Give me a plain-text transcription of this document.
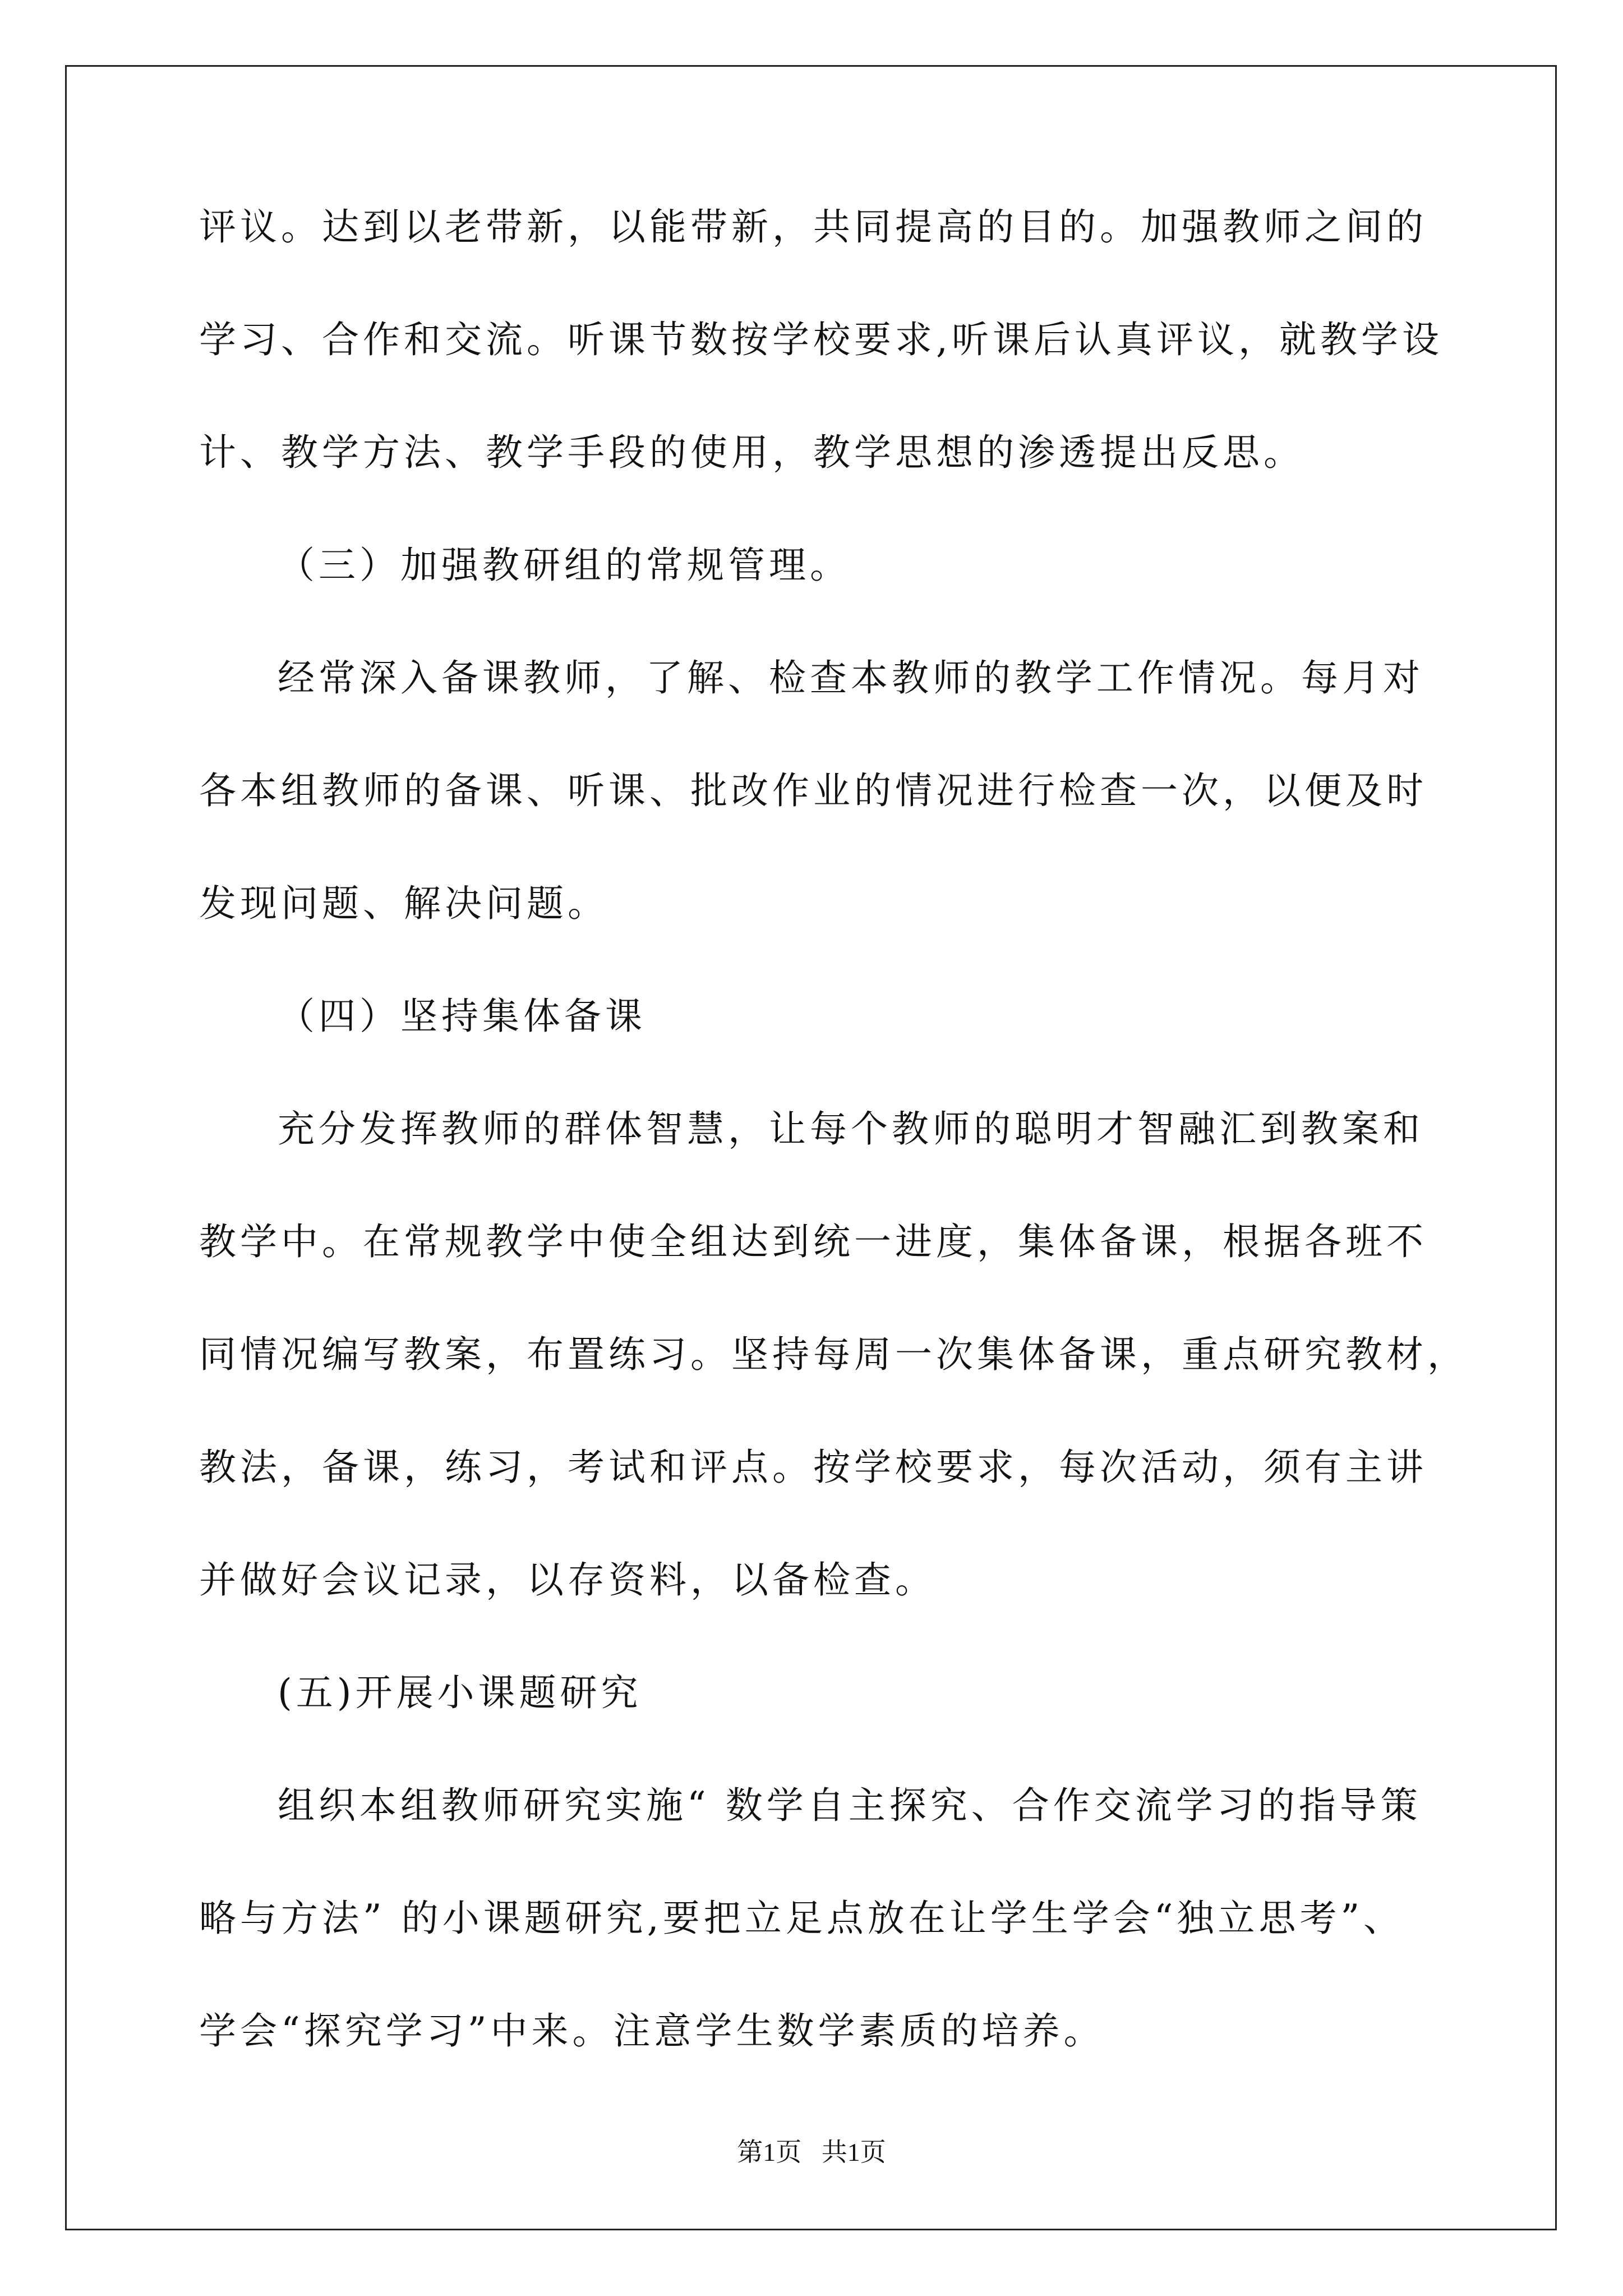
评议。达到以老带新，以能带新，共同提高的目的。加强教师之间的
学习、合作和交流。听课节数按学校要求,听课后认真评议，就教学设
计、教学方法、教学手段的使用，教学思想的渗透提出反思。
（三）加强教研组的常规管理。
经常深入备课教师，了解、检查本教师的教学工作情况。每月对
各本组教师的备课、听课、批改作业的情况进行检查一次，以便及时
发现问题、解决问题。
（四）坚持集体备课
充分发挥教师的群体智慧，让每个教师的聪明才智融汇到教案和
教学中。在常规教学中使全组达到统一进度，集体备课，根据各班不
同情况编写教案，布置练习。坚持每周一次集体备课，重点研究教材，
教法，备课，练习，考试和评点。按学校要求，每次活动，须有主讲
并做好会议记录，以存资料，以备检查。
(五)开展小课题研究
组织本组教师研究实施“ 数学自主探究、合作交流学习的指导策
略与方法” 的小课题研究,要把立足点放在让学生学会“独立思考”、
学会“探究学习”中来。注意学生数学素质的培养。
第1页 共1页
